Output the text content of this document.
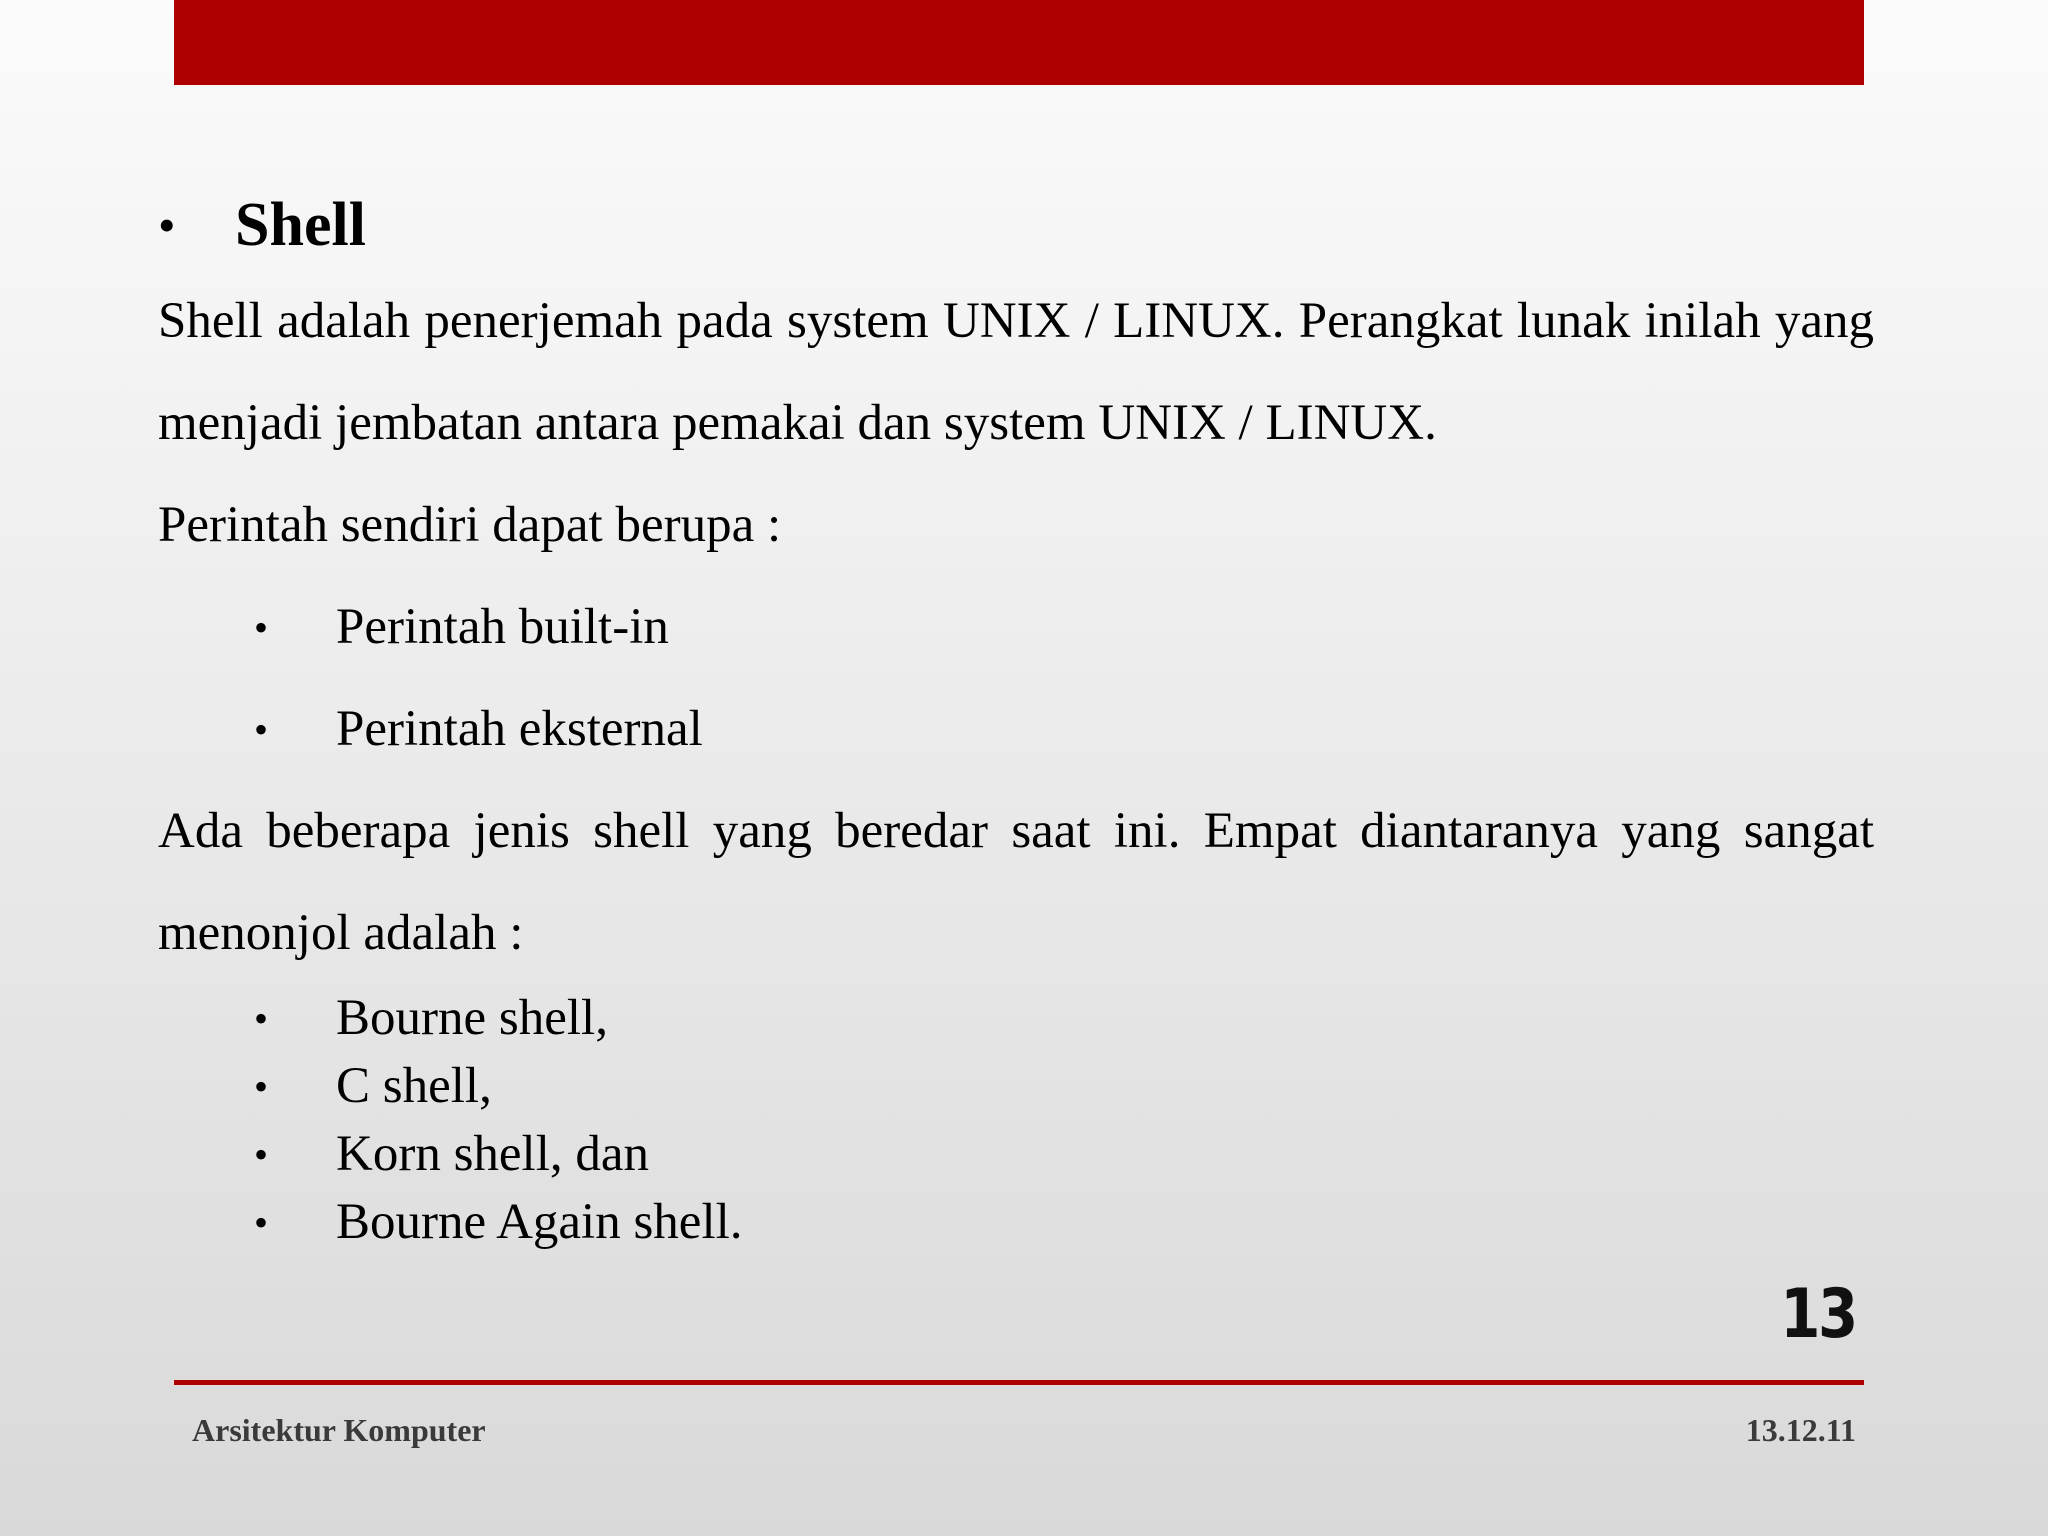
• Shell

Shell adalah penerjemah pada system UNIX / LINUX. Perangkat lunak inilah yang menjadi jembatan antara pemakai dan system UNIX / LINUX.

Perintah sendiri dapat berupa :

•	Perintah built-in
•	Perintah eksternal

Ada beberapa jenis shell yang beredar saat ini. Empat diantaranya yang sangat menonjol adalah :

•	Bourne shell,
•	C shell,
•	Korn shell, dan
•	Bourne Again shell.
13
Arsitektur Komputer	13.12.11
